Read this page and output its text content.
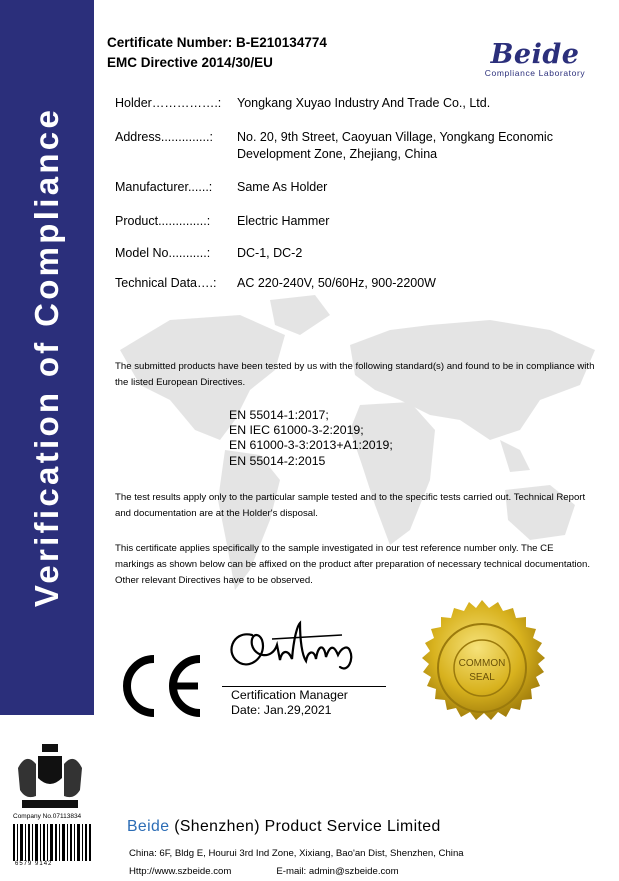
Verification of Compliance
Certificate Number: B-E210134774
EMC Directive 2014/30/EU	Beide
Compliance Laboratory
Holder…………….: Yongkang Xuyao Industry And Trade Co., Ltd.
Address..............:	No. 20, 9th Street, Caoyuan Village, Yongkang Economic Development Zone, Zhejiang, China
Manufacturer......:	Same As Holder
Product..............:	Electric Hammer
Model No...........:	DC-1, DC-2
Technical Data….:	AC 220-240V, 50/60Hz, 900-2200W
The submitted products have been tested by us with the following standard(s) and found to be in compliance with the listed European Directives.
EN 55014-1:2017;
EN IEC 61000-3-2:2019;
EN 61000-3-3:2013+A1:2019;
EN 55014-2:2015
The test results apply only to the particular sample tested and to the specific tests carried out. Technical Report and documentation are at the Holder's disposal.
This certificate applies specifically to the sample investigated in our test reference number only. The CE markings as shown below can be affixed on the product after preparation of necessary technical documentation. Other relevant Directives have to be observed.
Certification Manager
Date: Jan.29,2021
COMMON
SEAL
Company No.07113834
6579 9142
Beide (Shenzhen) Product Service Limited
China: 6F, Bldg E, Hourui 3rd Ind Zone, Xixiang, Bao'an Dist, Shenzhen, China
Http://www.szbeide.com	E-mail: admin@szbeide.com
